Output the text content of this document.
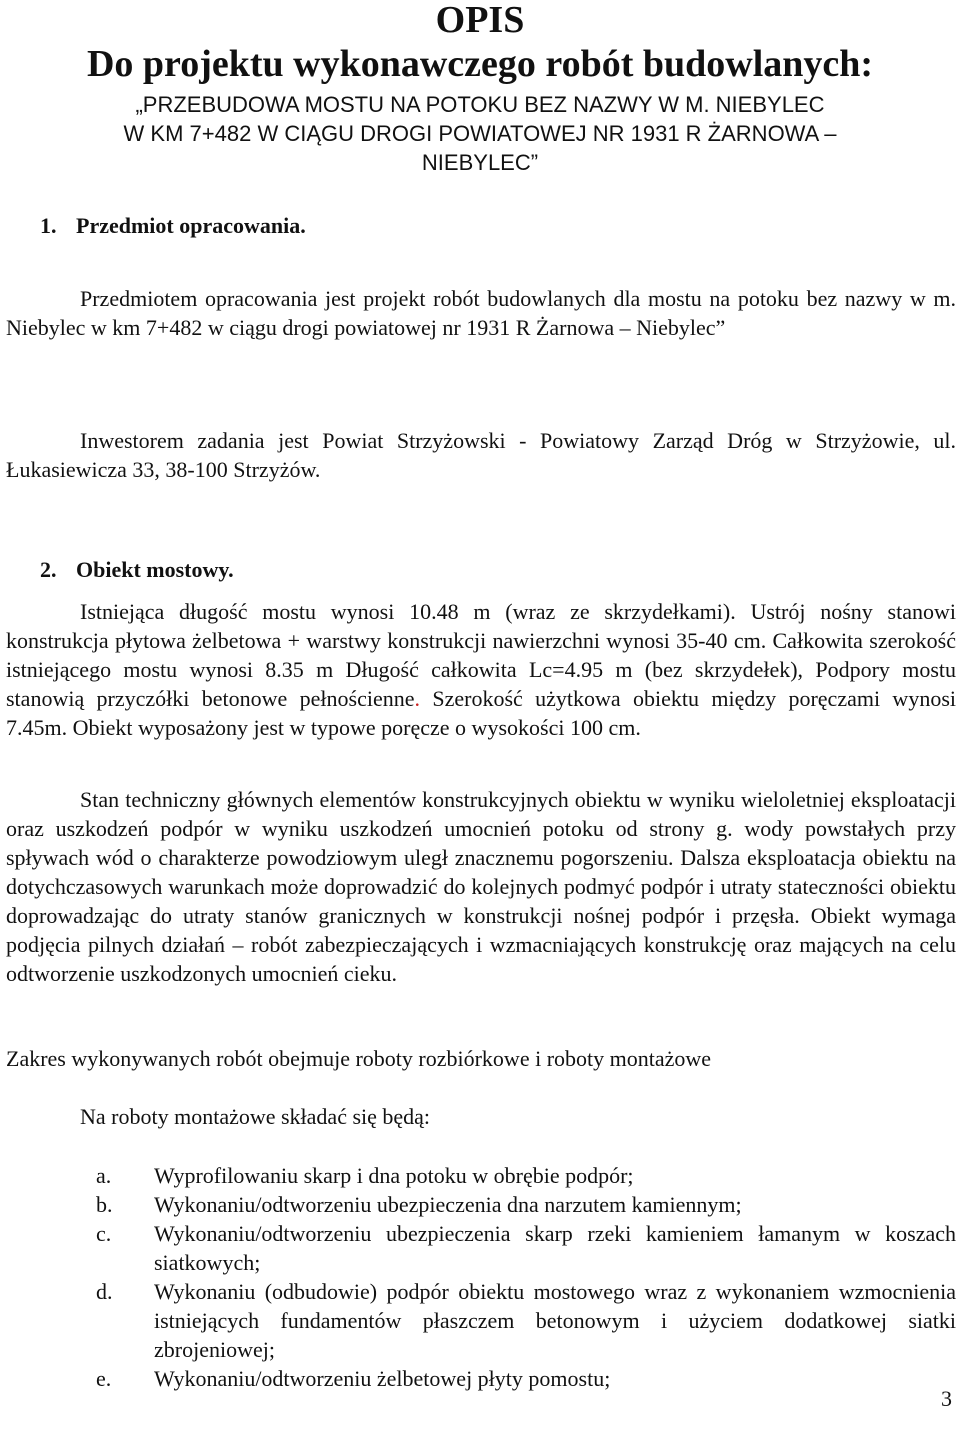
OPIS
Do projektu wykonawczego robót budowlanych:
„PRZEBUDOWA MOSTU NA POTOKU BEZ NAZWY W M. NIEBYLEC
W KM 7+482 W CIĄGU DROGI POWIATOWEJ NR 1931 R ŻARNOWA –
NIEBYLEC”
1. Przedmiot opracowania.

Przedmiotem opracowania jest projekt robót budowlanych dla mostu na potoku bez nazwy w m. Niebylec w km 7+482 w ciągu drogi powiatowej nr 1931 R Żarnowa – Niebylec”

Inwestorem zadania jest Powiat Strzyżowski - Powiatowy Zarząd Dróg w Strzyżowie, ul. Łukasiewicza 33, 38-100 Strzyżów.

2. Obiekt mostowy.

Istniejąca długość mostu wynosi 10.48 m (wraz ze skrzydełkami). Ustrój nośny stanowi konstrukcja płytowa żelbetowa + warstwy konstrukcji nawierzchni wynosi 35-40 cm. Całkowita szerokość istniejącego mostu wynosi 8.35 m Długość całkowita Lc=4.95 m (bez skrzydełek), Podpory mostu stanowią przyczółki betonowe pełnościenne. Szerokość użytkowa obiektu między poręczami wynosi 7.45m. Obiekt wyposażony jest w typowe poręcze o wysokości 100 cm.

Stan techniczny głównych elementów konstrukcyjnych obiektu w wyniku wieloletniej eksploatacji oraz uszkodzeń podpór w wyniku uszkodzeń umocnień potoku od strony g. wody powstałych przy spływach wód o charakterze powodziowym uległ znacznemu pogorszeniu. Dalsza eksploatacja obiektu na dotychczasowych warunkach może doprowadzić do kolejnych podmyć podpór i utraty stateczności obiektu doprowadzając do utraty stanów granicznych w konstrukcji nośnej podpór i przęsła. Obiekt wymaga podjęcia pilnych działań – robót zabezpieczających i wzmacniających konstrukcję oraz mających na celu odtworzenie uszkodzonych umocnień cieku.

Zakres wykonywanych robót obejmuje roboty rozbiórkowe i roboty montażowe
Na roboty montażowe składać się będą:
a. Wyprofilowaniu skarp i dna potoku w obrębie podpór;
b. Wykonaniu/odtworzeniu ubezpieczenia dna narzutem kamiennym;
c. Wykonaniu/odtworzeniu ubezpieczenia skarp rzeki kamieniem łamanym w koszach siatkowych;
d. Wykonaniu (odbudowie) podpór obiektu mostowego wraz z wykonaniem wzmocnienia istniejących fundamentów płaszczem betonowym i użyciem dodatkowej siatki zbrojeniowej;
e. Wykonaniu/odtworzeniu żelbetowej płyty pomostu;
3
